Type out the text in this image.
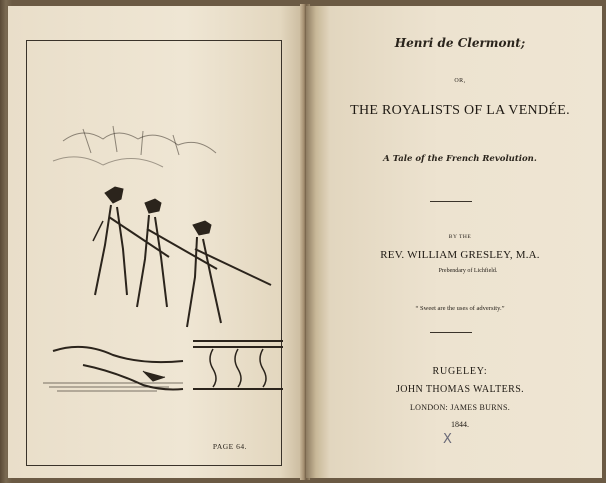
PAGE 64.
Henri de Clermont;
OR,
THE ROYALISTS OF LA VENDÉE.
A Tale of the French Revolution.
BY THE
REV. WILLIAM GRESLEY, M.A.
Prebendary of Lichfield.
“ Sweet are the uses of adversity.”
RUGELEY:
JOHN THOMAS WALTERS.
LONDON: JAMES BURNS.
1844.
X
